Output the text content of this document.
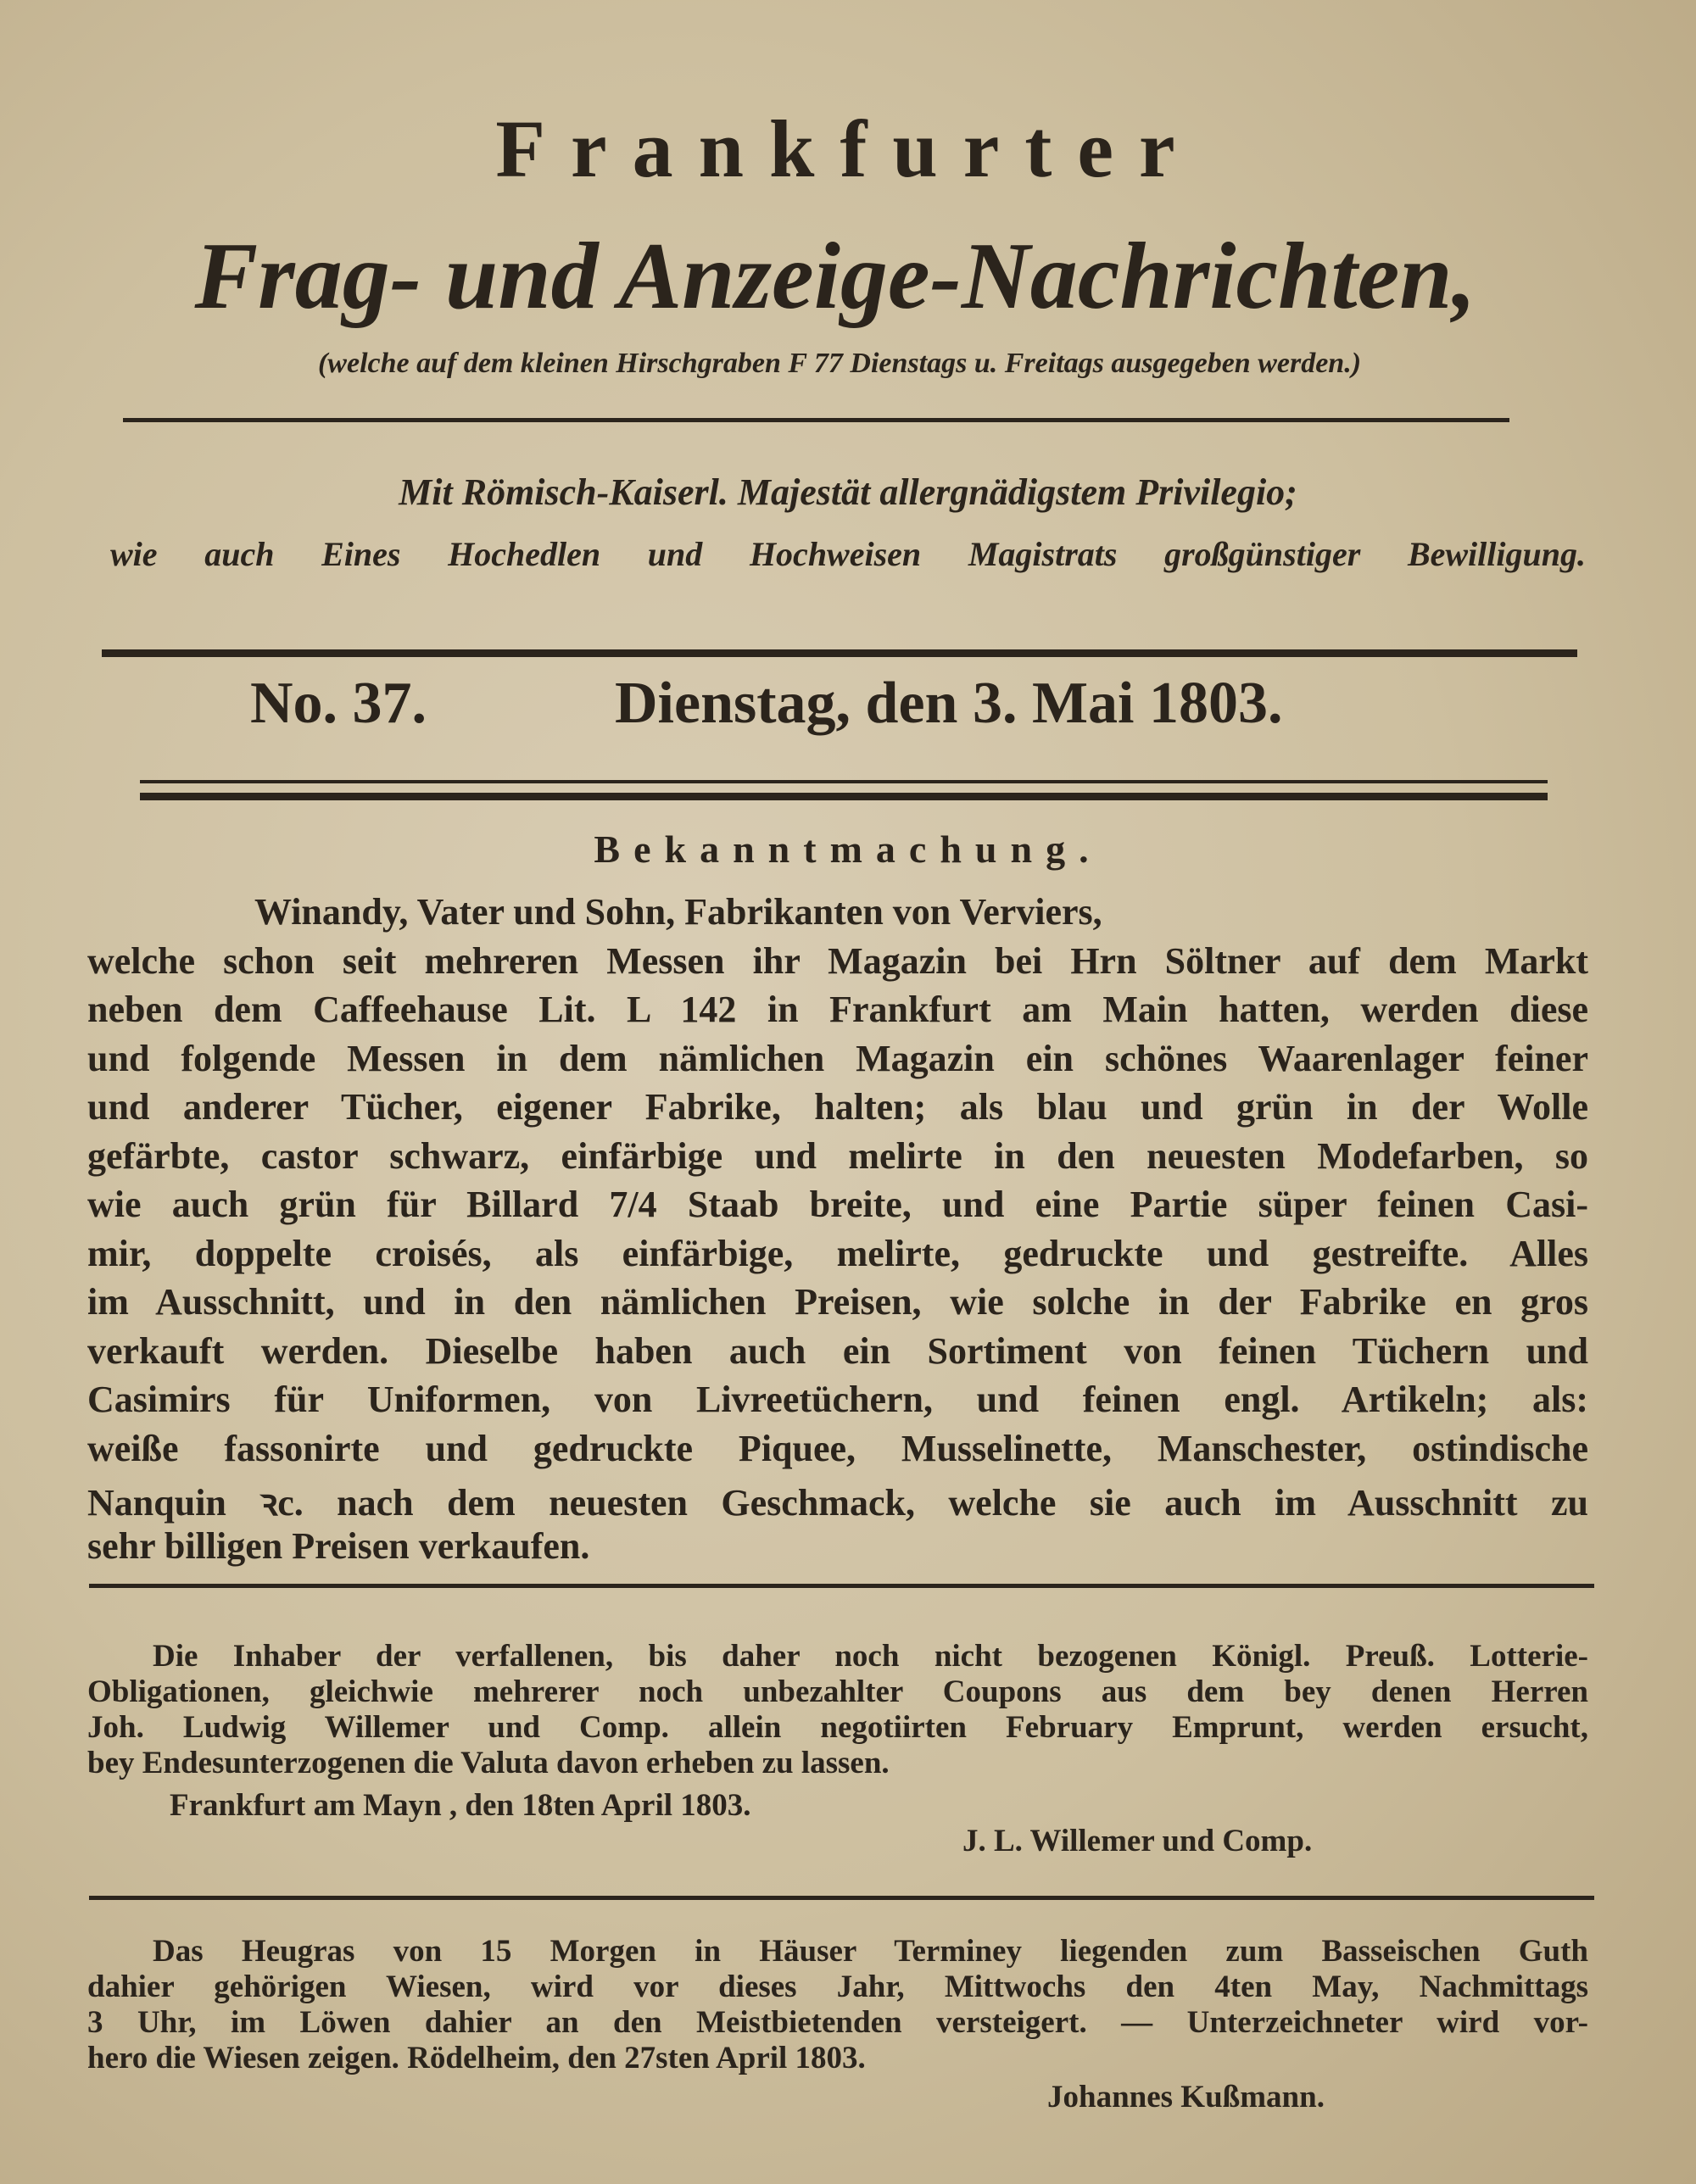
Frankfurter
Frag- und Anzeige-Nachrichten,
(welche auf dem kleinen Hirschgraben F 77 Dienstags u. Freitags ausgegeben werden.)
Mit Römisch-Kaiserl. Majestät allergnädigstem Privilegio;
wie auch Eines Hochedlen und Hochweisen Magistrats großgünstiger Bewilligung.
No. 37.	Dienstag, den 3. Mai 1803.
Bekanntmachung.
Winandy, Vater und Sohn, Fabrikanten von Verviers,
welche schon seit mehreren Messen ihr Magazin bei Hrn Söltner auf dem Markt
neben dem Caffeehause Lit. L 142 in Frankfurt am Main hatten, werden diese
und folgende Messen in dem nämlichen Magazin ein schönes Waarenlager feiner
und anderer Tücher, eigener Fabrike, halten; als blau und grün in der Wolle
gefärbte, castor schwarz, einfärbige und melirte in den neuesten Modefarben, so
wie auch grün für Billard 7/4 Staab breite, und eine Partie süper feinen Casi-
mir, doppelte croisés, als einfärbige, melirte, gedruckte und gestreifte. Alles
im Ausschnitt, und in den nämlichen Preisen, wie solche in der Fabrike en gros
verkauft werden. Dieselbe haben auch ein Sortiment von feinen Tüchern und
Casimirs für Uniformen, von Livreetüchern, und feinen engl. Artikeln; als:
weiße fassonirte und gedruckte Piquee, Musselinette, Manschester, ostindische
Nanquin ꝛc. nach dem neuesten Geschmack, welche sie auch im Ausschnitt zu
sehr billigen Preisen verkaufen.
Die Inhaber der verfallenen, bis daher noch nicht bezogenen Königl. Preuß. Lotterie-
Obligationen, gleichwie mehrerer noch unbezahlter Coupons aus dem bey denen Herren
Joh. Ludwig Willemer und Comp. allein negotiirten February Emprunt, werden ersucht,
bey Endesunterzogenen die Valuta davon erheben zu lassen.
Frankfurt am Mayn , den 18ten April 1803.
J. L. Willemer und Comp.
Das Heugras von 15 Morgen in Häuser Terminey liegenden zum Basseischen Guth
dahier gehörigen Wiesen, wird vor dieses Jahr, Mittwochs den 4ten May, Nachmittags
3 Uhr, im Löwen dahier an den Meistbietenden versteigert. — Unterzeichneter wird vor-
hero die Wiesen zeigen. Rödelheim, den 27sten April 1803.
Johannes Kußmann.
